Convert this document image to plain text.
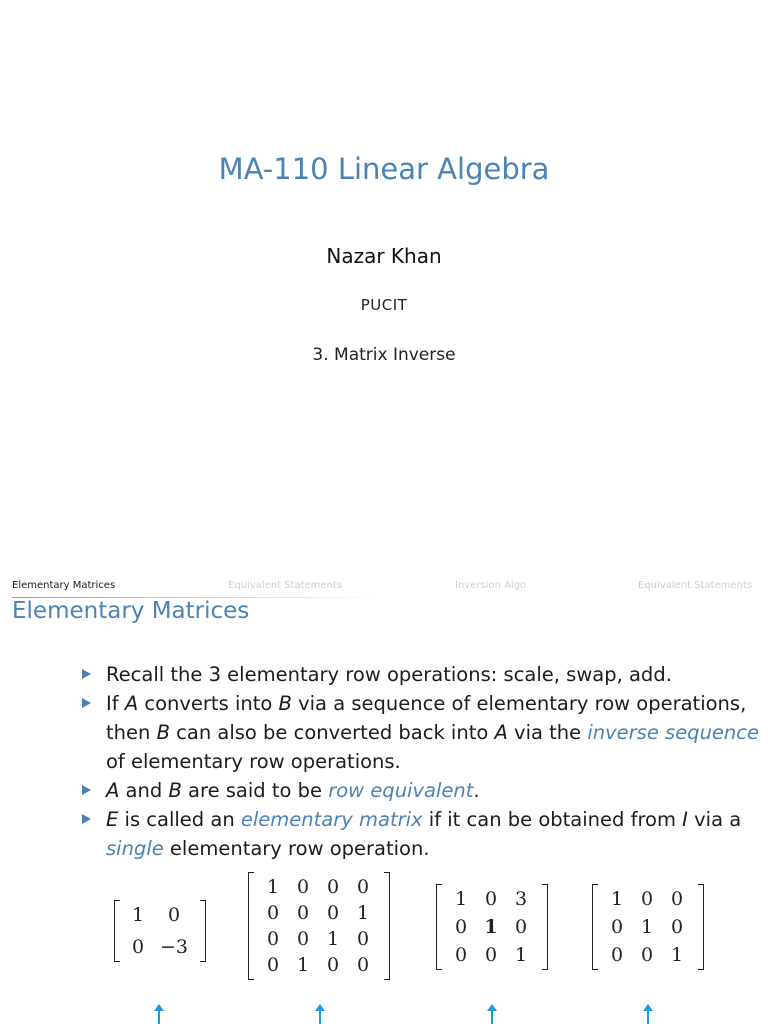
MA-110 Linear Algebra
Nazar Khan
PUCIT
3. Matrix Inverse
Elementary Matrices	Equivalent Statements	Inversion Algo	Equivalent Statements
Elementary Matrices
Recall the 3 elementary row operations: scale, swap, add.
If A converts into B via a sequence of elementary row operations, then B can also be converted back into A via the inverse sequence of elementary row operations.
A and B are said to be row equivalent.
E is called an elementary matrix if it can be obtained from I via a single elementary row operation.
1	0
0 −3
1 0 0 0
0 0 0 1
0 0 1 0
0 1 0 0
1 0 3
0 1 0
0 0 1
1 0 0
0 1 0
0 0 1
